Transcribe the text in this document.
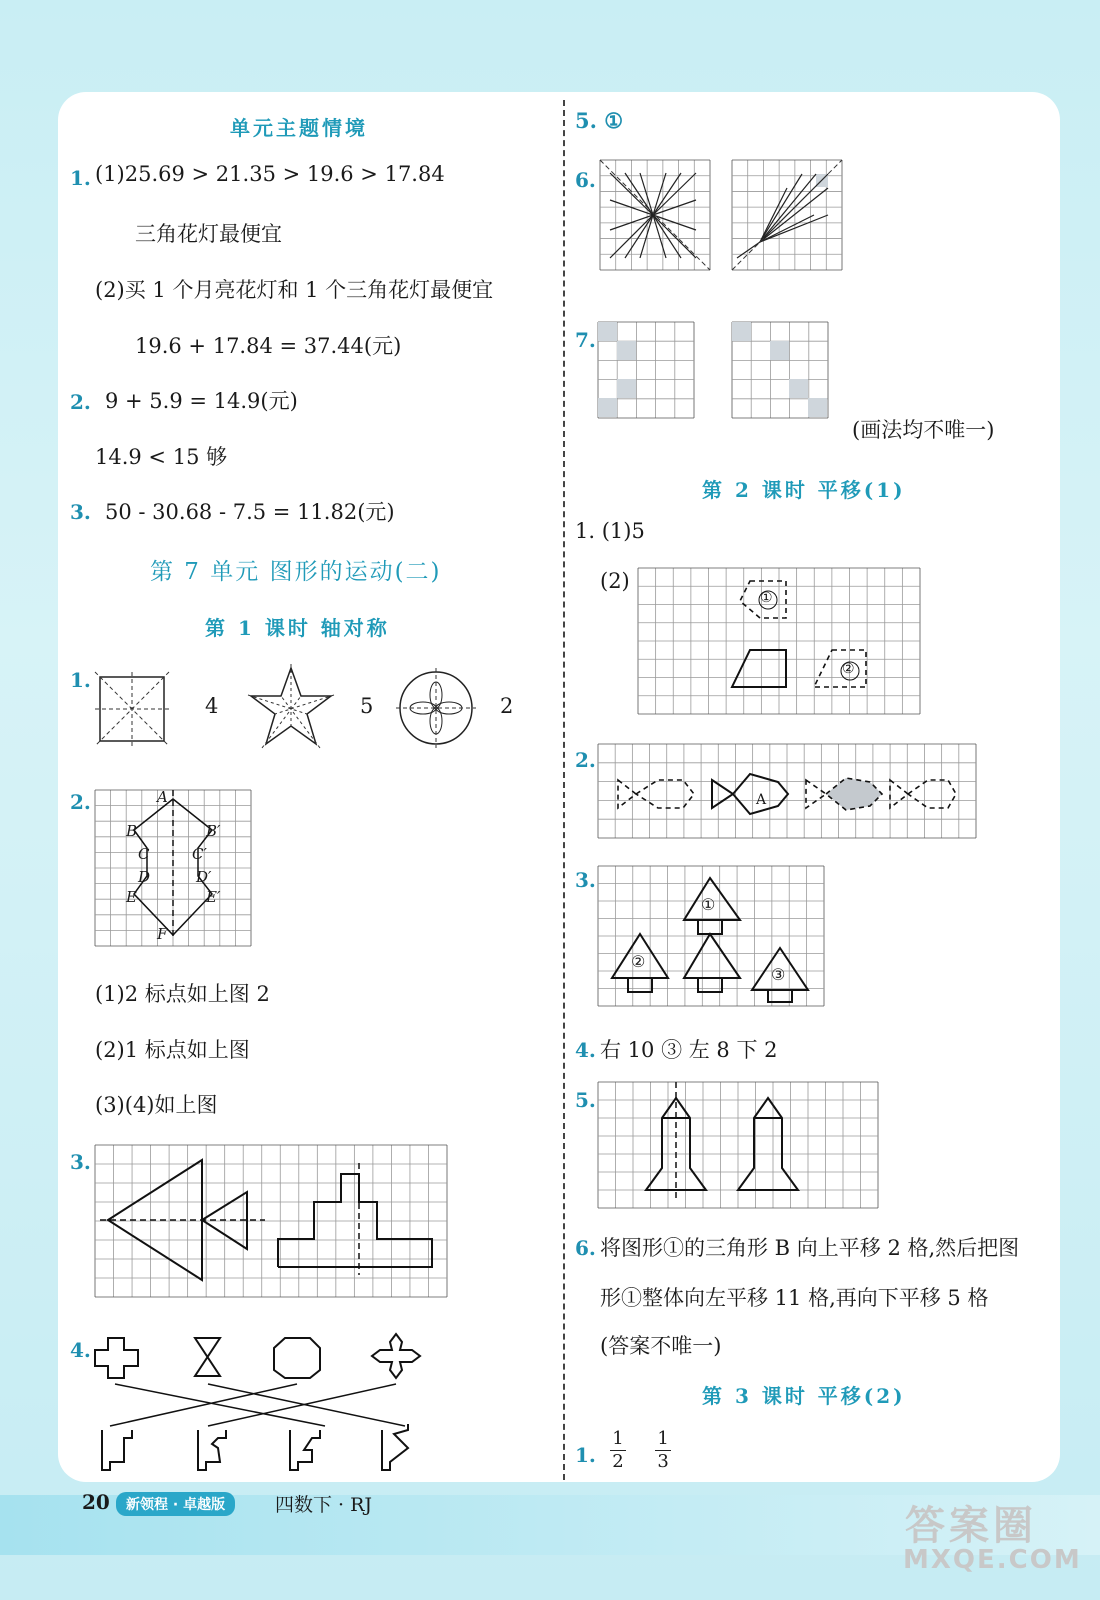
单元主题情境
1. (1)25.69 > 21.35 > 19.6 > 17.84
三角花灯最便宜
(2)买 1 个月亮花灯和 1 个三角花灯最便宜
19.6 + 17.84 = 37.44(元)
2. 9 + 5.9 = 14.9(元)
14.9 < 15 够
3. 50 - 30.68 - 7.5 = 11.82(元)
第 7 单元 图形的运动(二)
第 1 课时 轴对称
1.
4	5	2
2.	A
B
C
D
E
F
B′
C′
D′
E′
(1)2 标点如上图 2
(2)1 标点如上图
(3)(4)如上图
3.
4.
5. ①
6.
7.
(画法均不唯一)
第 2 课时 平移(1)
1. (1)5
(2)
①
②
2.
A
3.
①
②
③
4. 右 10 ③ 左 8 下 2
5.
6. 将图形①的三角形 B 向上平移 2 格,然后把图
形①整体向左平移 11 格,再向下平移 5 格
(答案不唯一)
第 3 课时 平移(2)
1. $\frac{1}{2}$
$\frac{1}{3}$
20	新领程 · 卓越版	四数下 · RJ	答案圈
MXQE.COM
